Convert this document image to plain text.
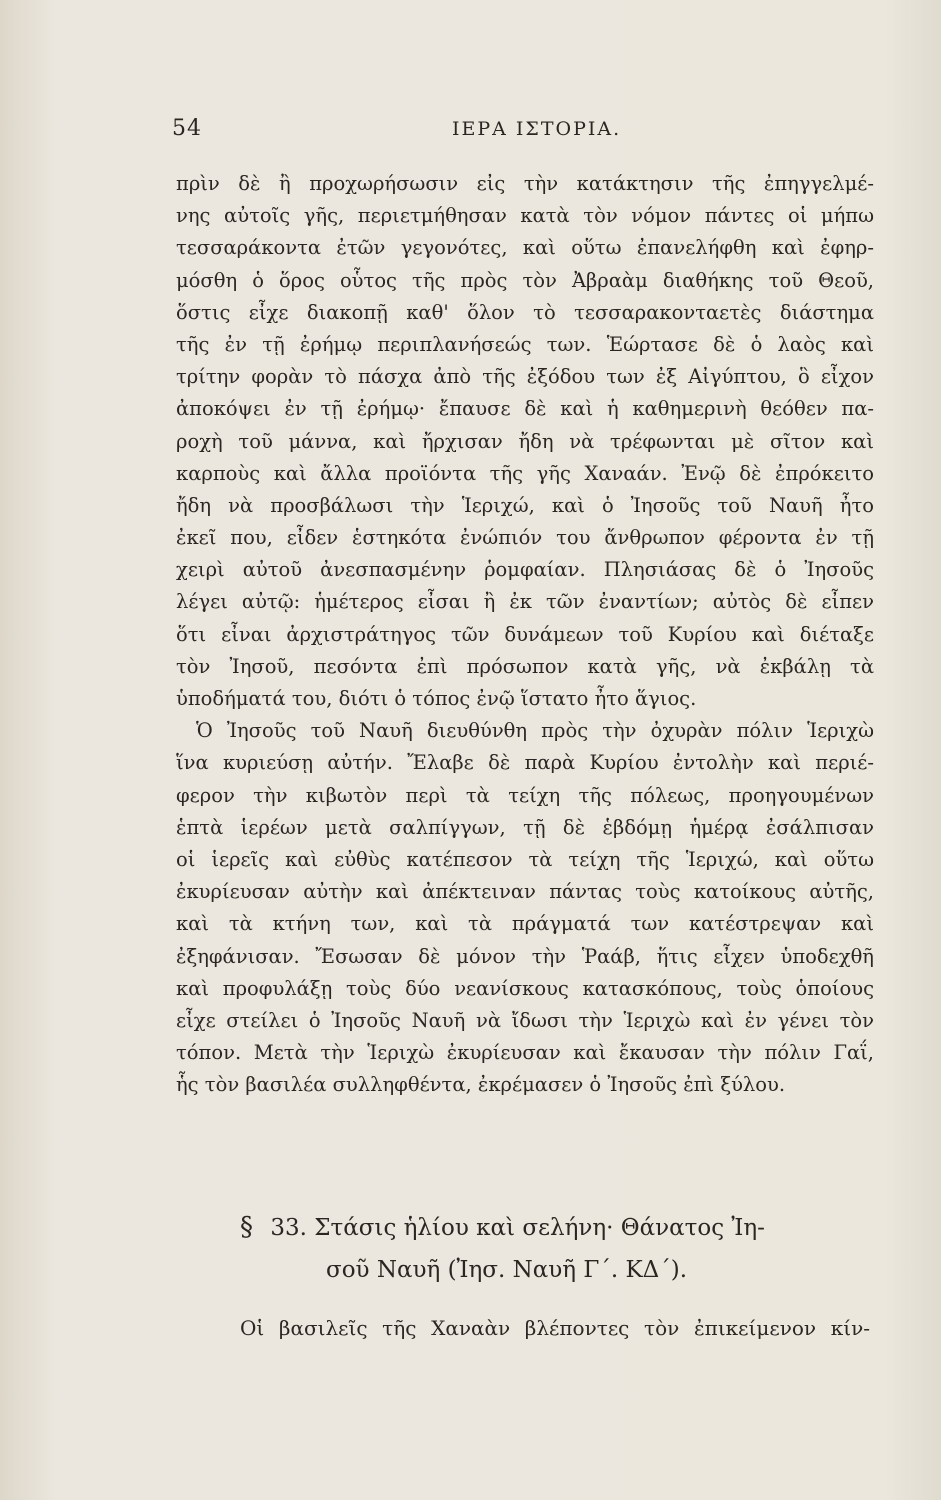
54	ΙΕΡΑ ΙΣΤΟΡΙΑ.
πρὶν δὲ ἢ προχωρήσωσιν εἰς τὴν κατάκτησιν τῆς ἐπηγγελμέ-
νης αὐτοῖς γῆς, περιετμήθησαν κατὰ τὸν νόμον πάντες οἱ μήπω
τεσσαράκοντα ἐτῶν γεγονότες, καὶ οὕτω ἐπανελήφθη καὶ ἐφηρ-
μόσθη ὁ ὅρος οὗτος τῆς πρὸς τὸν Ἀβραὰμ διαθήκης τοῦ Θεοῦ,
ὅστις εἶχε διακοπῇ καθ' ὅλον τὸ τεσσαρακονταετὲς διάστημα
τῆς ἐν τῇ ἐρήμῳ περιπλανήσεώς των. Ἑώρτασε δὲ ὁ λαὸς καὶ
τρίτην φορὰν τὸ πάσχα ἀπὸ τῆς ἐξόδου των ἐξ Αἰγύπτου, ὃ εἶχον
ἀποκόψει ἐν τῇ ἐρήμῳ· ἔπαυσε δὲ καὶ ἡ καθημερινὴ θεόθεν πα-
ροχὴ τοῦ μάννα, καὶ ἤρχισαν ἤδη νὰ τρέφωνται μὲ σῖτον καὶ
καρποὺς καὶ ἄλλα προϊόντα τῆς γῆς Χαναάν. Ἐνῷ δὲ ἐπρόκειτο
ἤδη νὰ προσβάλωσι τὴν Ἱεριχώ, καὶ ὁ Ἰησοῦς τοῦ Ναυῆ ἦτο
ἐκεῖ που, εἶδεν ἑστηκότα ἐνώπιόν του ἄνθρωπον φέροντα ἐν τῇ
χειρὶ αὐτοῦ ἀνεσπασμένην ῥομφαίαν. Πλησιάσας δὲ ὁ Ἰησοῦς
λέγει αὐτῷ: ἡμέτερος εἶσαι ἢ ἐκ τῶν ἐναντίων; αὐτὸς δὲ εἶπεν
ὅτι εἶναι ἀρχιστράτηγος τῶν δυνάμεων τοῦ Κυρίου καὶ διέταξε
τὸν Ἰησοῦ, πεσόντα ἐπὶ πρόσωπον κατὰ γῆς, νὰ ἐκβάλῃ τὰ
ὑποδήματά του, διότι ὁ τόπος ἐνῷ ἵστατο ἦτο ἅγιος.
Ὁ Ἰησοῦς τοῦ Ναυῆ διευθύνθη πρὸς τὴν ὀχυρὰν πόλιν Ἱεριχὼ
ἵνα κυριεύσῃ αὐτήν. Ἔλαβε δὲ παρὰ Κυρίου ἐντολὴν καὶ περιέ-
φερον τὴν κιβωτὸν περὶ τὰ τείχη τῆς πόλεως, προηγουμένων
ἑπτὰ ἱερέων μετὰ σαλπίγγων, τῇ δὲ ἑβδόμῃ ἡμέρᾳ ἐσάλπισαν
οἱ ἱερεῖς καὶ εὐθὺς κατέπεσον τὰ τείχη τῆς Ἱεριχώ, καὶ οὕτω
ἐκυρίευσαν αὐτὴν καὶ ἀπέκτειναν πάντας τοὺς κατοίκους αὐτῆς,
καὶ τὰ κτήνη των, καὶ τὰ πράγματά των κατέστρεψαν καὶ
ἐξηφάνισαν. Ἔσωσαν δὲ μόνον τὴν Ῥαάβ, ἥτις εἶχεν ὑποδεχθῆ
καὶ προφυλάξῃ τοὺς δύο νεανίσκους κατασκόπους, τοὺς ὁποίους
εἶχε στείλει ὁ Ἰησοῦς Ναυῆ νὰ ἴδωσι τὴν Ἱεριχὼ καὶ ἐν γένει τὸν
τόπον. Μετὰ τὴν Ἱεριχὼ ἐκυρίευσαν καὶ ἔκαυσαν τὴν πόλιν Γαΐ,
ἧς τὸν βασιλέα συλληφθέντα, ἐκρέμασεν ὁ Ἰησοῦς ἐπὶ ξύλου.
§ 33. Στάσις ἡλίου καὶ σελήνη· Θάνατος Ἰη-
σοῦ Ναυῆ (Ἰησ. Ναυῆ Γ΄. ΚΔ΄).
Οἱ βασιλεῖς τῆς Χαναὰν βλέποντες τὸν ἐπικείμενον κίν-
